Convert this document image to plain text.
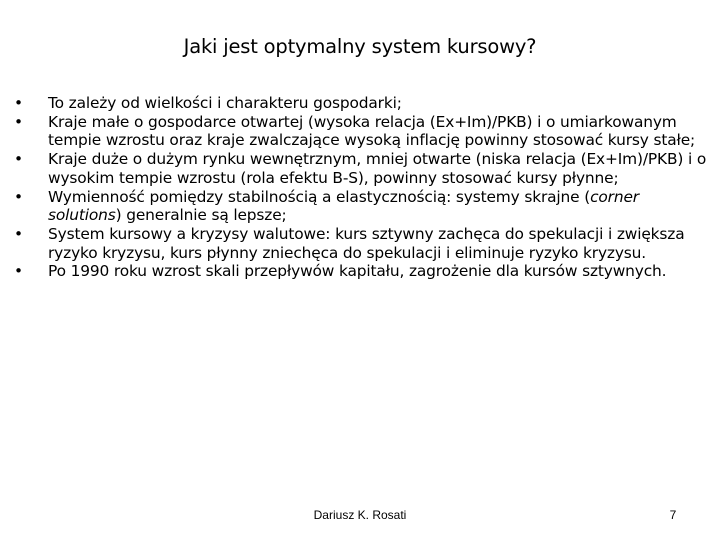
Jaki jest optymalny system kursowy?
•	To zależy od wielkości i charakteru gospodarki;
•	Kraje małe o gospodarce otwartej (wysoka relacja (Ex+Im)/PKB) i o umiarkowanym tempie wzrostu oraz kraje zwalczające wysoką inflację powinny stosować kursy stałe;
•	Kraje duże o dużym rynku wewnętrznym, mniej otwarte (niska relacja (Ex+Im)/PKB) i o wysokim tempie wzrostu (rola efektu B-S), powinny stosować kursy płynne;
•	Wymienność pomiędzy stabilnością a elastycznością: systemy skrajne (corner solutions) generalnie są lepsze;
•	System kursowy a kryzysy walutowe: kurs sztywny zachęca do spekulacji i zwiększa ryzyko kryzysu, kurs płynny zniechęca do spekulacji i eliminuje ryzyko kryzysu.
•	Po 1990 roku wzrost skali przepływów kapitału, zagrożenie dla kursów sztywnych.
Dariusz K. Rosati	7
